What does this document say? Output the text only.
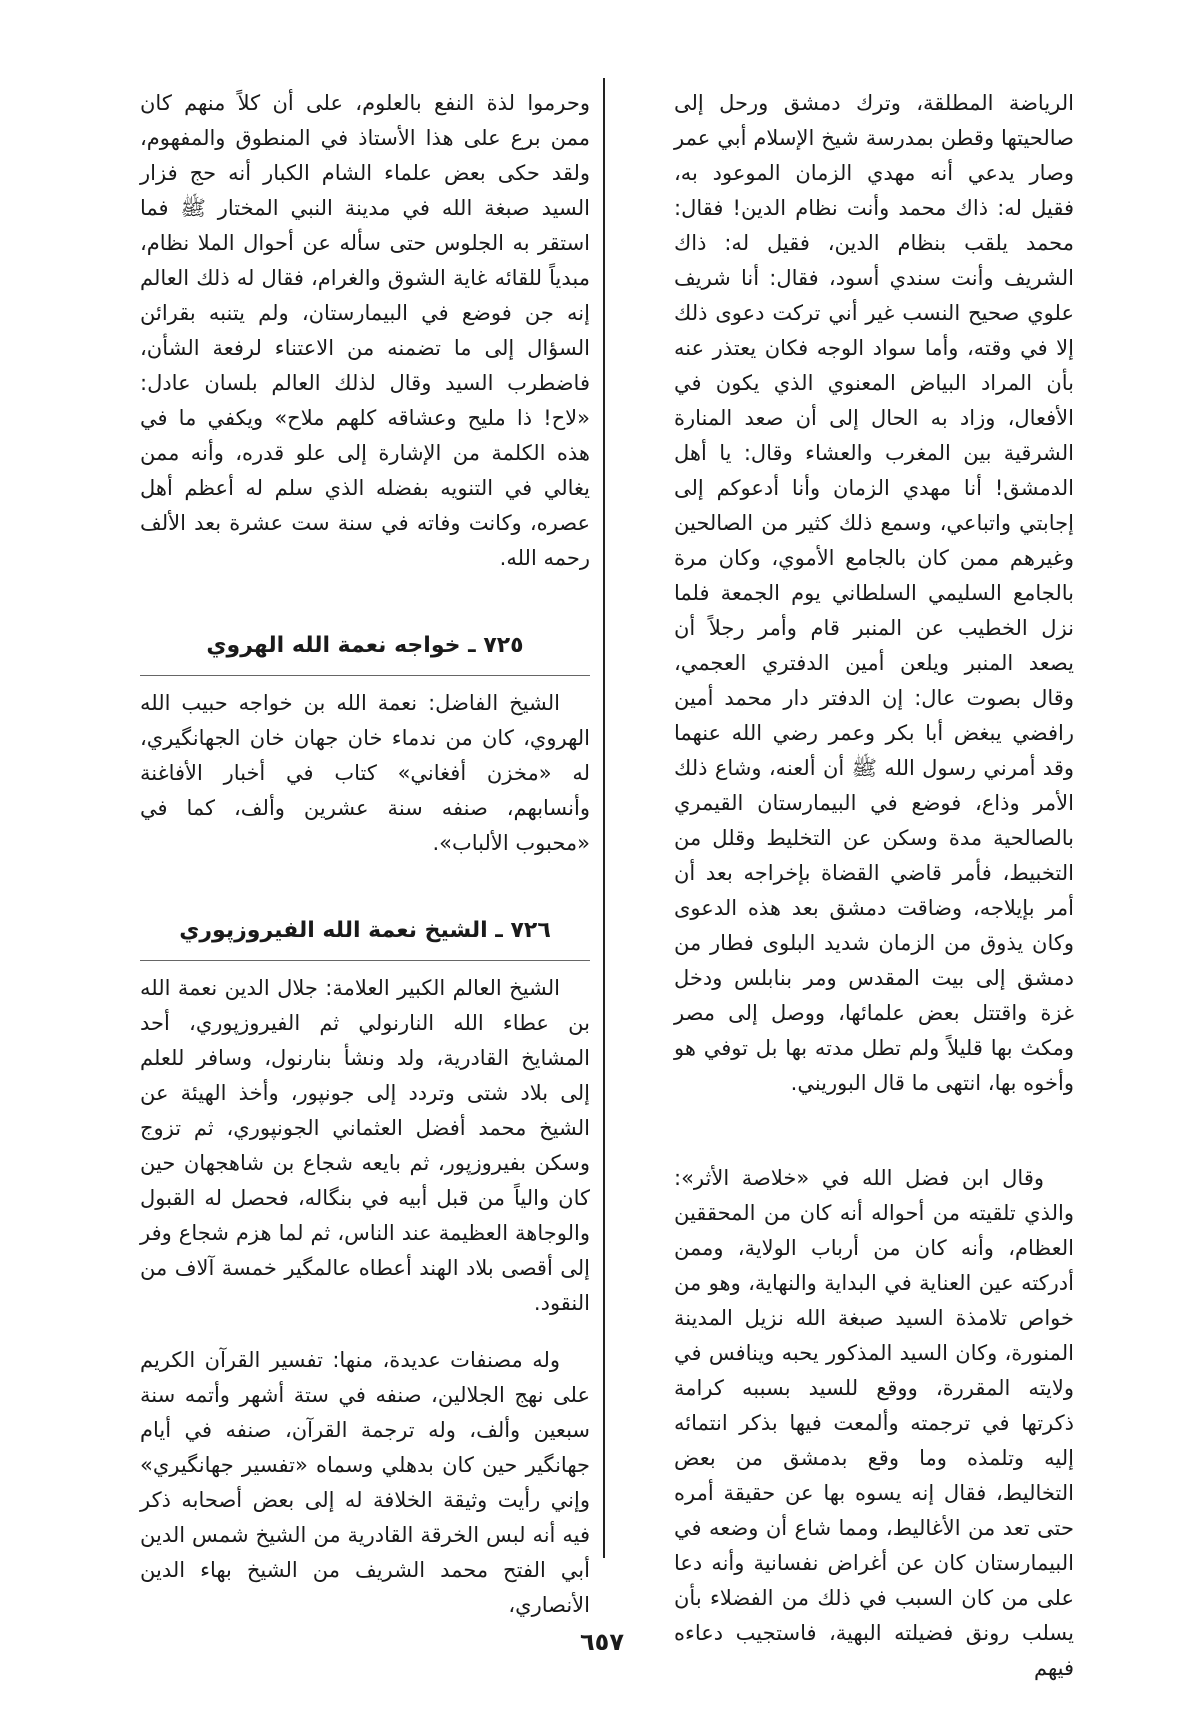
الرياضة المطلقة، وترك دمشق ورحل إلى صالحيتها وقطن بمدرسة شيخ الإسلام أبي عمر وصار يدعي أنه مهدي الزمان الموعود به، فقيل له: ذاك محمد وأنت نظام الدين! فقال: محمد يلقب بنظام الدين، فقيل له: ذاك الشريف وأنت سندي أسود، فقال: أنا شريف علوي صحيح النسب غير أني تركت دعوى ذلك إلا في وقته، وأما سواد الوجه فكان يعتذر عنه بأن المراد البياض المعنوي الذي يكون في الأفعال، وزاد به الحال إلى أن صعد المنارة الشرقية بين المغرب والعشاء وقال: يا أهل الدمشق! أنا مهدي الزمان وأنا أدعوكم إلى إجابتي واتباعي، وسمع ذلك كثير من الصالحين وغيرهم ممن كان بالجامع الأموي، وكان مرة بالجامع السليمي السلطاني يوم الجمعة فلما نزل الخطيب عن المنبر قام وأمر رجلاً أن يصعد المنبر ويلعن أمين الدفتري العجمي، وقال بصوت عال: إن الدفتر دار محمد أمين رافضي يبغض أبا بكر وعمر رضي الله عنهما وقد أمرني رسول الله ﷺ أن ألعنه، وشاع ذلك الأمر وذاع، فوضع في البيمارستان القيمري بالصالحية مدة وسكن عن التخليط وقلل من التخبيط، فأمر قاضي القضاة بإخراجه بعد أن أمر بإيلاجه، وضاقت دمشق بعد هذه الدعوى وكان يذوق من الزمان شديد البلوى فطار من دمشق إلى بيت المقدس ومر بنابلس ودخل غزة واقتتل بعض علمائها، ووصل إلى مصر ومكث بها قليلاً ولم تطل مدته بها بل توفي هو وأخوه بها، انتهى ما قال البوريني.

وقال ابن فضل الله في «خلاصة الأثر»: والذي تلقيته من أحواله أنه كان من المحققين العظام، وأنه كان من أرباب الولاية، وممن أدركته عين العناية في البداية والنهاية، وهو من خواص تلامذة السيد صبغة الله نزيل المدينة المنورة، وكان السيد المذكور يحبه وينافس في ولايته المقررة، ووقع للسيد بسببه كرامة ذكرتها في ترجمته وألمعت فيها بذكر انتمائه إليه وتلمذه وما وقع بدمشق من بعض التخاليط، فقال إنه يسوه بها عن حقيقة أمره حتى تعد من الأغاليط، ومما شاع أن وضعه في البيمارستان كان عن أغراض نفسانية وأنه دعا على من كان السبب في ذلك من الفضلاء بأن يسلب رونق فضيلته البهية، فاستجيب دعاءه فيهم

وحرموا لذة النفع بالعلوم، على أن كلاً منهم كان ممن برع على هذا الأستاذ في المنطوق والمفهوم، ولقد حكى بعض علماء الشام الكبار أنه حج فزار السيد صبغة الله في مدينة النبي المختار ﷺ فما استقر به الجلوس حتى سأله عن أحوال الملا نظام، مبدياً للقائه غاية الشوق والغرام، فقال له ذلك العالم إنه جن فوضع في البيمارستان، ولم يتنبه بقرائن السؤال إلى ما تضمنه من الاعتناء لرفعة الشأن، فاضطرب السيد وقال لذلك العالم بلسان عادل: «لاح! ذا مليح وعشاقه كلهم ملاح» ويكفي ما في هذه الكلمة من الإشارة إلى علو قدره، وأنه ممن يغالي في التنويه بفضله الذي سلم له أعظم أهل عصره، وكانت وفاته في سنة ست عشرة بعد الألف رحمه الله.

٧٢٥ ـ خواجه نعمة الله الهروي

الشيخ الفاضل: نعمة الله بن خواجه حبيب الله الهروي، كان من ندماء خان جهان خان الجهانگيري، له «مخزن أفغاني» كتاب في أخبار الأفاغنة وأنسابهم، صنفه سنة عشرين وألف، كما في «محبوب الألباب».

٧٢٦ ـ الشيخ نعمة الله الفيروزپوري

الشيخ العالم الكبير العلامة: جلال الدين نعمة الله بن عطاء الله النارنولي ثم الفيروزپوري، أحد المشايخ القادرية، ولد ونشأ بنارنول، وسافر للعلم إلى بلاد شتى وتردد إلى جونپور، وأخذ الهيئة عن الشيخ محمد أفضل العثماني الجونپوري، ثم تزوج وسكن بفيروزپور، ثم بايعه شجاع بن شاهجهان حين كان والياً من قبل أبيه في بنگاله، فحصل له القبول والوجاهة العظيمة عند الناس، ثم لما هزم شجاع وفر إلى أقصى بلاد الهند أعطاه عالمگير خمسة آلاف من النقود.

وله مصنفات عديدة، منها: تفسير القرآن الكريم على نهج الجلالين، صنفه في ستة أشهر وأتمه سنة سبعين وألف، وله ترجمة القرآن، صنفه في أيام جهانگير حين كان بدهلي وسماه «تفسير جهانگيري» وإني رأيت وثيقة الخلافة له إلى بعض أصحابه ذكر فيه أنه لبس الخرقة القادرية من الشيخ شمس الدين أبي الفتح محمد الشريف من الشيخ بهاء الدين الأنصاري،

٦٥٧
